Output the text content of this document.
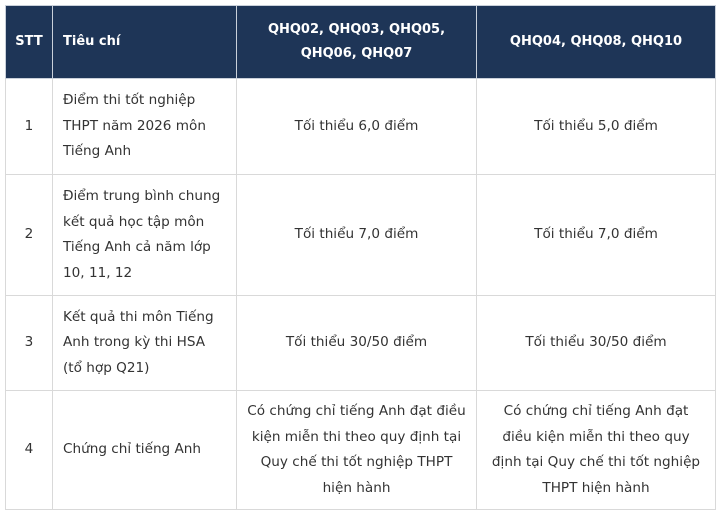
STT	Tiêu chí	QHQ02, QHQ03, QHQ05, QHQ06, QHQ07	QHQ04, QHQ08, QHQ10
1	Điểm thi tốt nghiệp THPT năm 2026 môn Tiếng Anh	Tối thiểu 6,0 điểm	Tối thiểu 5,0 điểm
2	Điểm trung bình chung kết quả học tập môn Tiếng Anh cả năm lớp 10, 11, 12	Tối thiểu 7,0 điểm	Tối thiểu 7,0 điểm
3	Kết quả thi môn Tiếng Anh trong kỳ thi HSA (tổ hợp Q21)	Tối thiểu 30/50 điểm	Tối thiểu 30/50 điểm
4	Chứng chỉ tiếng Anh	Có chứng chỉ tiếng Anh đạt điều kiện miễn thi theo quy định tại Quy chế thi tốt nghiệp THPT hiện hành	Có chứng chỉ tiếng Anh đạt điều kiện miễn thi theo quy định tại Quy chế thi tốt nghiệp THPT hiện hành
